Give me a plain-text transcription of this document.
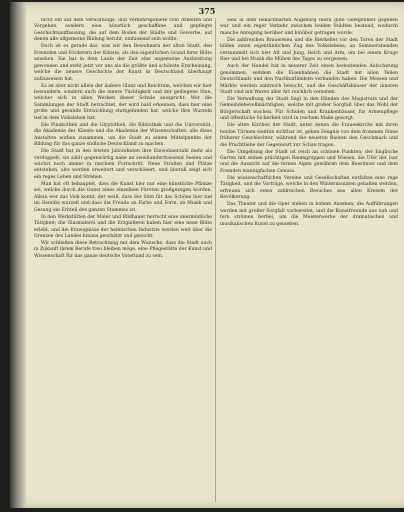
375

nicht ein auf dem Verwaltungs- und Verkehrsgebiete vom Arbeiten und Vorgehen, sondern eine künstlich geschaffene und gepflegte Geschichtsauffassung, die auf dem Boden der Städte und Gewerbe, auf denen alle allgemeine Bildung beruht, umfassend sein wollte.

Doch ist es gerade das, was wir den Bewohnern der alten Stadt, den Freunden und Förderern der Künste, als den eigentlichen Grund ihrer Blüte ansehen. Sie hat in dem Laufe der Zeit eine ungemeine Ausbreitung gewonnen und steht jetzt vor uns als die größte und schönste Erscheinung, welche die neuere Geschichte der Kunst in Deutschland überhaupt aufzuweisen hat.

Es ist aber nicht allein der äußere Glanz und Reichtum, welchen wir hier bewundern, sondern auch die innere Tüchtigkeit und der gediegene Sinn, welcher sich in allen Werken dieser Schule ausspricht. Wer die Sammlungen der Stadt betrachtet, der wird bald erkennen, dass hier eine große und gesunde Entwicklung stattgefunden hat, welche ihre Wurzeln tief in dem Volksleben hat.

Die Pinakothek und die Glyptothek, die Bibliothek und die Universität, die Akademie der Künste und die Akademie der Wissenschaften, alle diese Anstalten wirken zusammen, um die Stadt zu einem Mittelpunkte der Bildung für das ganze südliche Deutschland zu machen.

Die Stadt hat in den letzten Jahrzehnten ihre Einwohnerzahl mehr als verdoppelt; sie zählt gegenwärtig nahe an zweihunderttausend Seelen und wächst noch immer in raschem Fortschritt. Neue Straßen und Plätze entstehen, alte werden erweitert und verschönert, und überall zeigt sich ein reges Leben und Streben.

Man hat oft behauptet, dass die Kunst hier nur eine künstliche Pflanze sei, welche durch die Gunst eines einzelnen Fürsten großgezogen worden. Allein wer das Volk kennt, der weiß, dass der Sinn für das Schöne hier tief im Gemüte wurzelt und dass die Freude an Farbe und Form, an Musik und Gesang ein Erbteil des ganzen Stammes ist.

In den Werkstätten der Maler und Bildhauer herrscht eine unermüdliche Tätigkeit; die Glasmalerei und die Erzgießerei haben hier eine neue Blüte erlebt, und die Erzeugnisse der heimischen Industrie werden weit über die Grenzen des Landes hinaus geschätzt und gesucht.

Wir schließen diese Betrachtung mit dem Wunsche, dass die Stadt auch in Zukunft ihrem Berufe treu bleiben möge, eine Pflegestätte der Kunst und Wissenschaft für das ganze deutsche Vaterland zu sein.

weil in dem benachbarten Augsburg hiezu gute Gelegenheit gegeben war und ein reger Verkehr zwischen beiden Städten bestand, wodurch manche Anregung herüber und hinüber getragen wurde.

Die zahlreichen Brauereien und die Bierkeller vor den Toren der Stadt bilden einen eigentümlichen Zug des Volkslebens; an Sommerabenden versammelt sich hier Alt und Jung, Reich und Arm, um bei einem Kruge Bier und bei Musik die Mühen des Tages zu vergessen.

Auch der Handel hat in neuerer Zeit einen bedeutenden Aufschwung genommen, seitdem die Eisenbahnen die Stadt mit allen Teilen Deutschlands und den Nachbarländern verbunden haben. Die Messen und Märkte werden zahlreich besucht, und die Geschäftshäuser der inneren Stadt sind mit Waren aller Art reichlich versehen.

Die Verwaltung der Stadt liegt in den Händen des Magistrats und der Gemeindebevollmächtigten, welche mit großer Sorgfalt über das Wohl der Bürgerschaft wachen. Für Schulen und Krankenhäuser, für Armenpflege und öffentliche Sicherheit wird in reichem Maße gesorgt.

Die alten Kirchen der Stadt, unter denen die Frauenkirche mit ihren beiden Türmen weithin sichtbar ist, geben Zeugnis von dem frommen Sinne früherer Geschlechter, während die neueren Bauten den Geschmack und die Prachtliebe der Gegenwart zur Schau tragen.

Die Umgebung der Stadt ist reich an schönen Punkten; der Englische Garten mit seinen prächtigen Baumgruppen und Wiesen, die Ufer der Isar und die Aussicht auf die fernen Alpen gewähren dem Bewohner und dem Fremden mannigfachen Genuss.

Die wissenschaftlichen Vereine und Gesellschaften entfalten eine rege Tätigkeit, und die Vorträge, welche in den Wintermonaten gehalten werden, erfreuen sich eines zahlreichen Besuches aus allen Kreisen der Bevölkerung.

Das Theater und die Oper stehen in hohem Ansehen; die Aufführungen werden mit großer Sorgfalt vorbereitet, und die Kunstfreunde aus nah und fern strömen herbei, um die Meisterwerke der dramatischen und musikalischen Kunst zu genießen.
